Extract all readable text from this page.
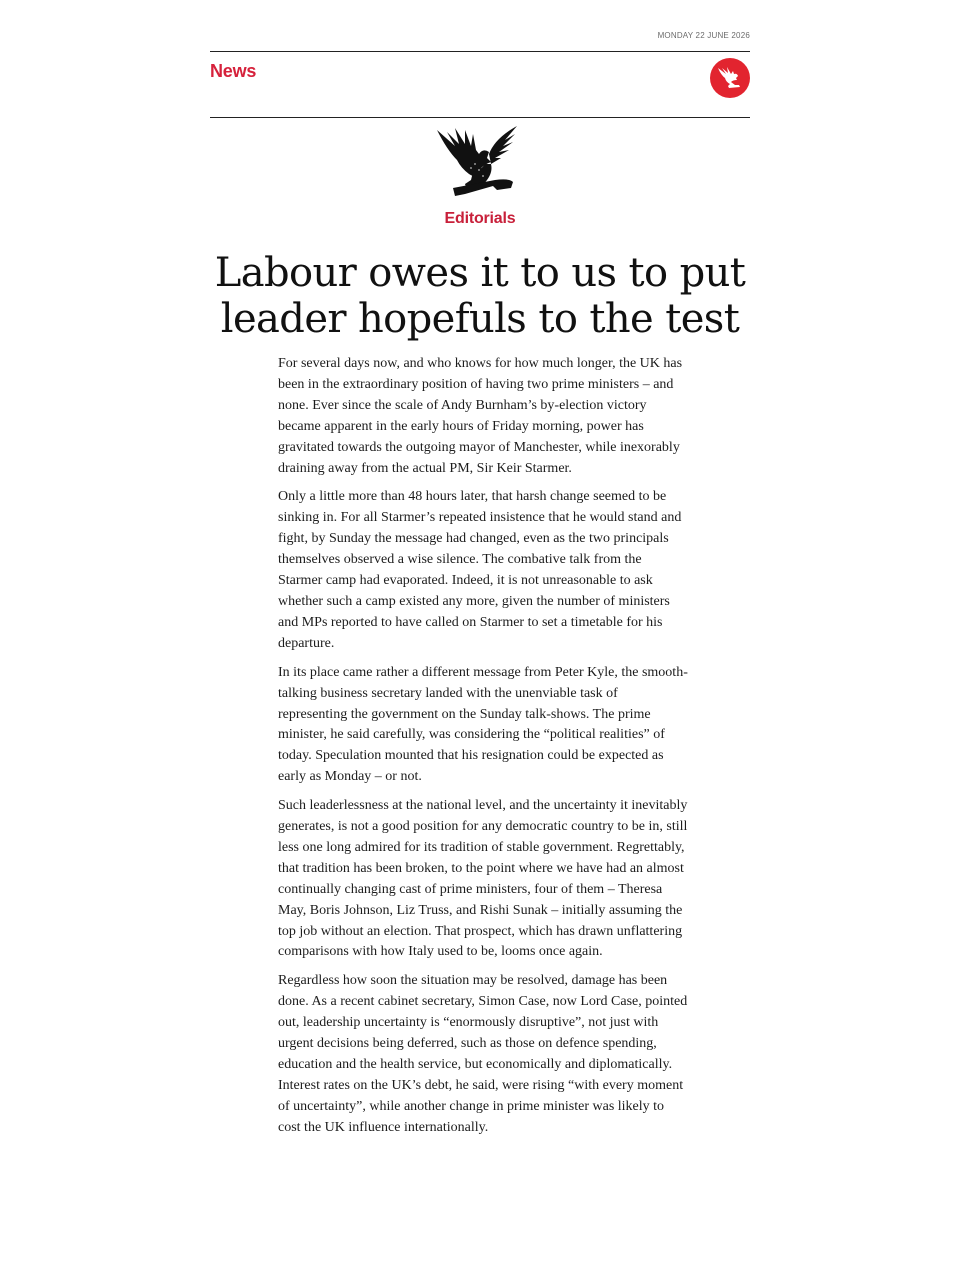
MONDAY 22 JUNE 2026
News
Editorials
Labour owes it to us to put leader hopefuls to the test

For several days now, and who knows for how much longer, the UK has been in the extraordinary position of having two prime ministers – and none. Ever since the scale of Andy Burnham’s by-election victory became apparent in the early hours of Friday morning, power has gravitated towards the outgoing mayor of Manchester, while inexorably draining away from the actual PM, Sir Keir Starmer.

Only a little more than 48 hours later, that harsh change seemed to be sinking in. For all Starmer’s repeated insistence that he would stand and fight, by Sunday the message had changed, even as the two principals themselves observed a wise silence. The combative talk from the Starmer camp had evaporated. Indeed, it is not unreasonable to ask whether such a camp existed any more, given the number of ministers and MPs reported to have called on Starmer to set a timetable for his departure.

In its place came rather a different message from Peter Kyle, the smooth-talking business secretary landed with the unenviable task of representing the government on the Sunday talk-shows. The prime minister, he said carefully, was considering the “political realities” of today. Speculation mounted that his resignation could be expected as early as Monday – or not.

Such leaderlessness at the national level, and the uncertainty it inevitably generates, is not a good position for any democratic country to be in, still less one long admired for its tradition of stable government. Regrettably, that tradition has been broken, to the point where we have had an almost continually changing cast of prime ministers, four of them – Theresa May, Boris Johnson, Liz Truss, and Rishi Sunak – initially assuming the top job without an election. That prospect, which has drawn unflattering comparisons with how Italy used to be, looms once again.

Regardless how soon the situation may be resolved, damage has been done. As a recent cabinet secretary, Simon Case, now Lord Case, pointed out, leadership uncertainty is “enormously disruptive”, not just with urgent decisions being deferred, such as those on defence spending, education and the health service, but economically and diplomatically. Interest rates on the UK’s debt, he said, were rising “with every moment of uncertainty”, while another change in prime minister was likely to cost the UK influence internationally.
